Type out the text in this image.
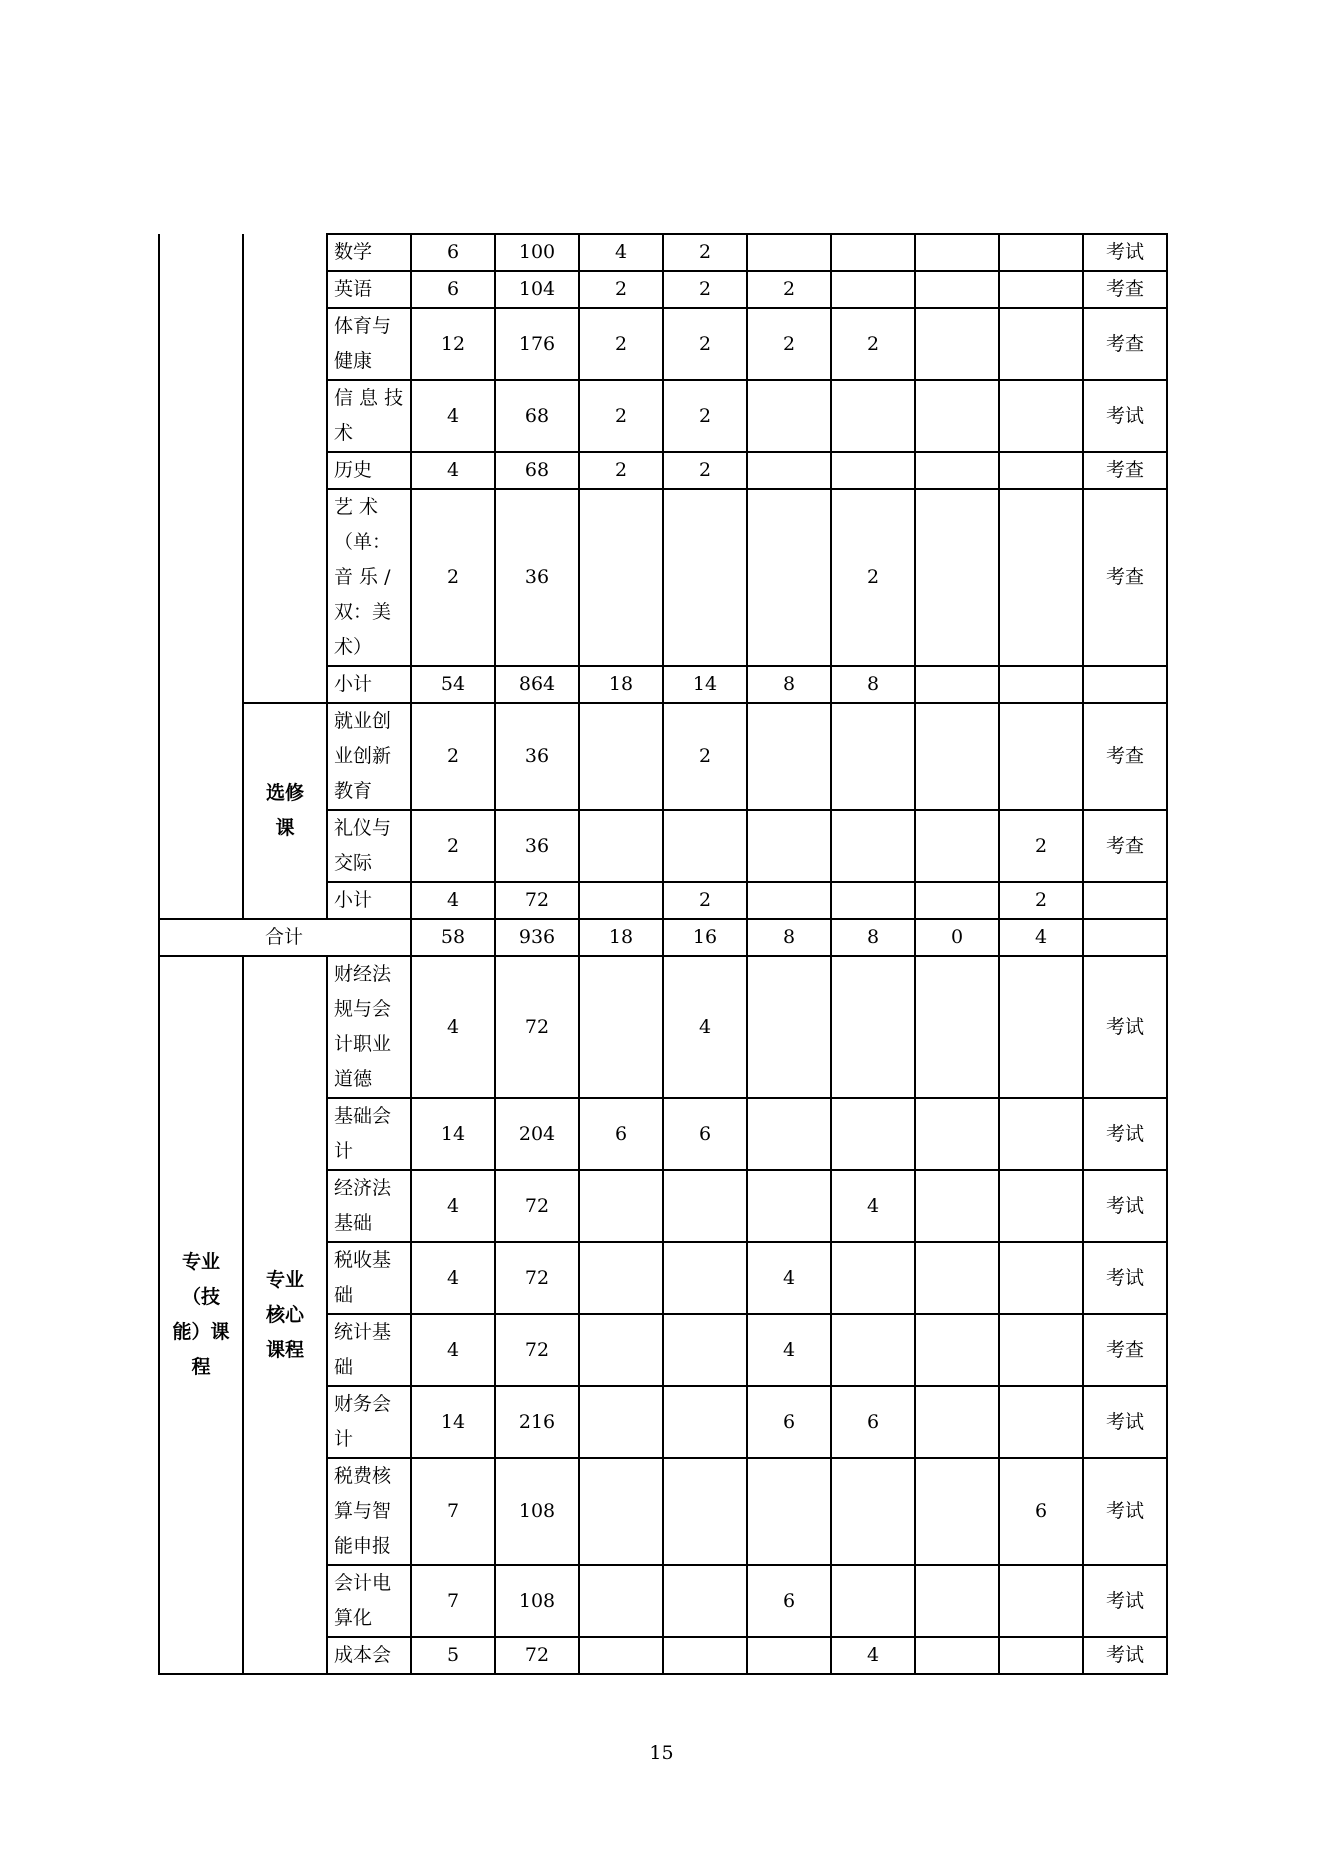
		数学	6	100	4	2					考试
		英语	6	104	2	2	2				考查
		体育与健康	12	176	2	2	2	2			考查
		信 息 技术	4	68	2	2					考试
		历史	4	68	2	2					考查
		艺 术（单：音 乐 / 双：美术）	2	36				2			考查
		小计	54	864	18	14	8	8			
	选修课	就业创业创新教育	2	36		2					考查
		礼仪与交际	2	36						2	考查
		小计	4	72		2				2	
合计			58	936	18	16	8	8	0	4	
专业（技能）课程	专业核心课程	财经法规与会计职业道德	4	72		4					考试
		基础会计	14	204	6	6					考试
		经济法基础	4	72				4			考试
		税收基础	4	72			4				考试
		统计基础	4	72			4				考查
		财务会计	14	216			6	6			考试
		税费核算与智能申报	7	108						6	考试
		会计电算化	7	108			6				考试
		成本会	5	72				4			考试
15
